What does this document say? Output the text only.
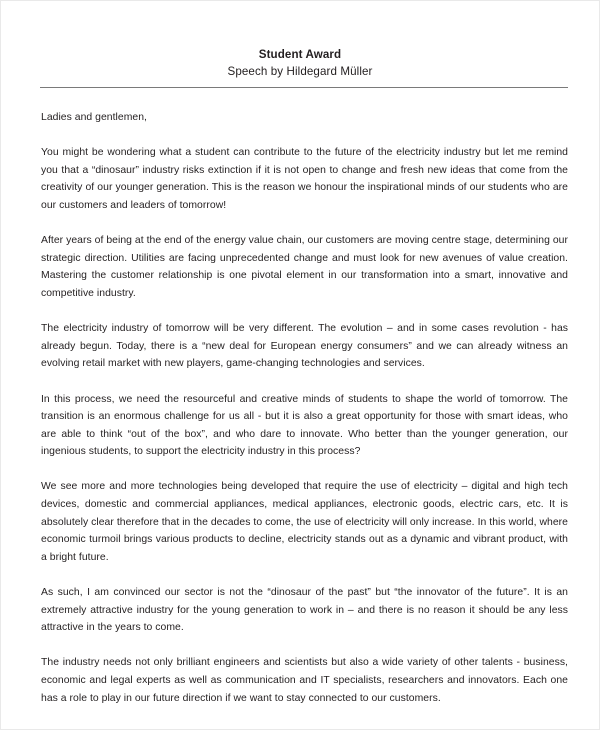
Student Award
Speech by Hildegard Müller

Ladies and gentlemen,

You might be wondering what a student can contribute to the future of the electricity industry but let me remind you that a “dinosaur” industry risks extinction if it is not open to change and fresh new ideas that come from the creativity of our younger generation. This is the reason we honour the inspirational minds of our students who are our customers and leaders of tomorrow!

After years of being at the end of the energy value chain, our customers are moving centre stage, determining our strategic direction. Utilities are facing unprecedented change and must look for new avenues of value creation. Mastering the customer relationship is one pivotal element in our transformation into a smart, innovative and competitive industry.

The electricity industry of tomorrow will be very different. The evolution – and in some cases revolution - has already begun. Today, there is a “new deal for European energy consumers” and we can already witness an evolving retail market with new players, game-changing technologies and services.

In this process, we need the resourceful and creative minds of students to shape the world of tomorrow. The transition is an enormous challenge for us all - but it is also a great opportunity for those with smart ideas, who are able to think “out of the box”, and who dare to innovate. Who better than the younger generation, our ingenious students, to support the electricity industry in this process?

We see more and more technologies being developed that require the use of electricity – digital and high tech devices, domestic and commercial appliances, medical appliances, electronic goods, electric cars, etc. It is absolutely clear therefore that in the decades to come, the use of electricity will only increase. In this world, where economic turmoil brings various products to decline, electricity stands out as a dynamic and vibrant product, with a bright future.

As such, I am convinced our sector is not the “dinosaur of the past” but “the innovator of the future”. It is an extremely attractive industry for the young generation to work in – and there is no reason it should be any less attractive in the years to come.

The industry needs not only brilliant engineers and scientists but also a wide variety of other talents - business, economic and legal experts as well as communication and IT specialists, researchers and innovators. Each one has a role to play in our future direction if we want to stay connected to our customers.
